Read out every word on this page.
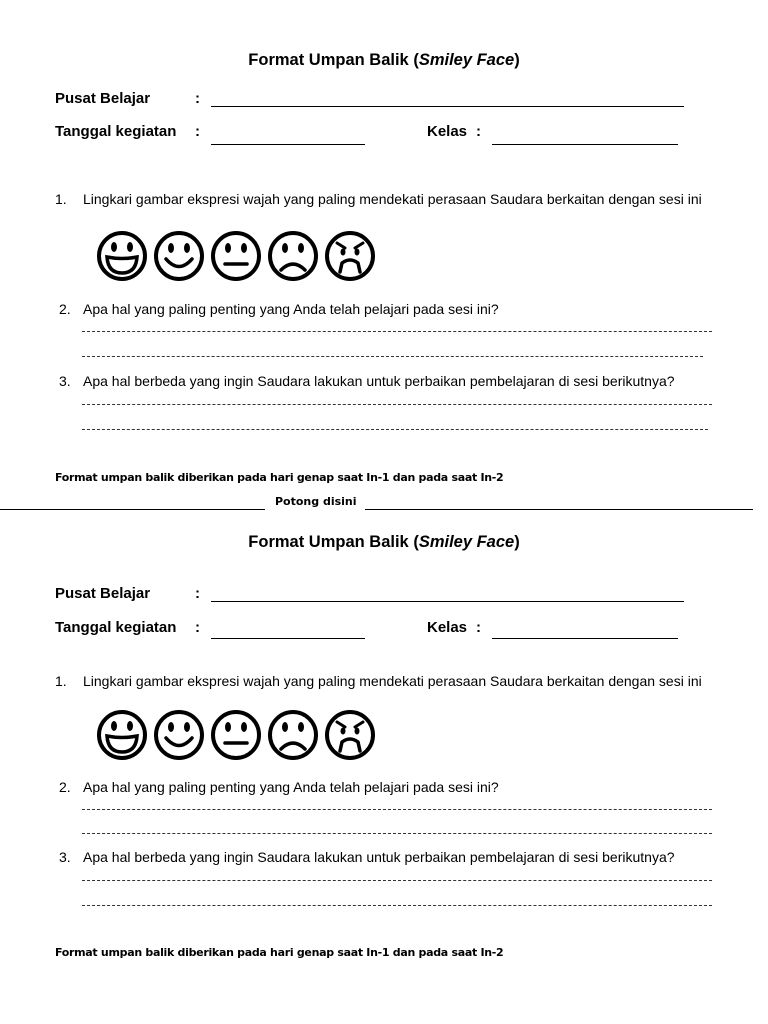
Format Umpan Balik (Smiley Face)
Pusat Belajar	:
Tanggal kegiatan :	Kelas :
1. Lingkari gambar ekspresi wajah yang paling mendekati perasaan Saudara berkaitan dengan sesi ini
2. Apa hal yang paling penting yang Anda telah pelajari pada sesi ini?
3. Apa hal berbeda yang ingin Saudara lakukan untuk perbaikan pembelajaran di sesi berikutnya?
Format umpan balik diberikan pada hari genap saat In-1 dan pada saat In-2
Potong disini
Format Umpan Balik (Smiley Face)
Pusat Belajar	:
Tanggal kegiatan :	Kelas :
1. Lingkari gambar ekspresi wajah yang paling mendekati perasaan Saudara berkaitan dengan sesi ini
2. Apa hal yang paling penting yang Anda telah pelajari pada sesi ini?
3. Apa hal berbeda yang ingin Saudara lakukan untuk perbaikan pembelajaran di sesi berikutnya?
Format umpan balik diberikan pada hari genap saat In-1 dan pada saat In-2
